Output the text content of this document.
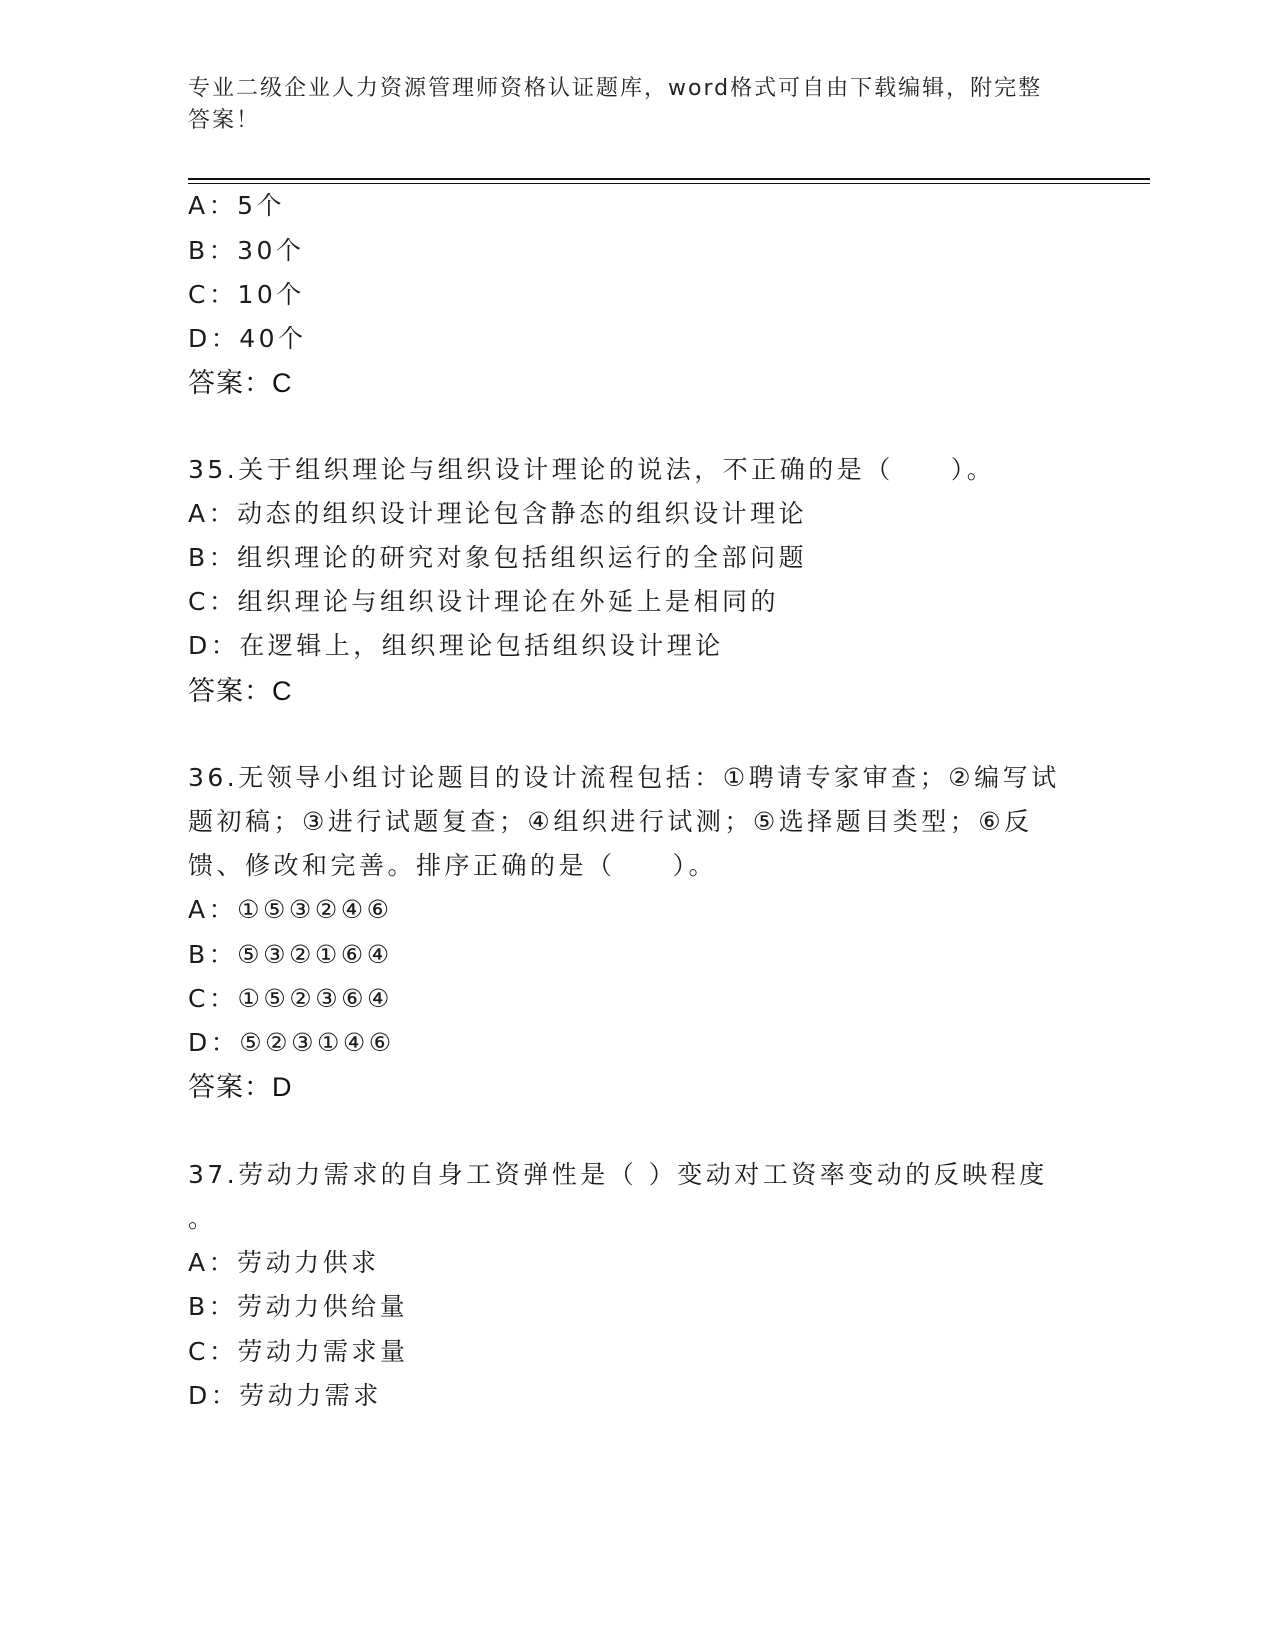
专业二级企业人力资源管理师资格认证题库，word格式可自由下载编辑，附完整
答案！
A：5个
B：30个
C：10个
D：40个
答案：C
35.关于组织理论与组织设计理论的说法，不正确的是（　　）。
A：动态的组织设计理论包含静态的组织设计理论
B：组织理论的研究对象包括组织运行的全部问题
C：组织理论与组织设计理论在外延上是相同的
D：在逻辑上，组织理论包括组织设计理论
答案：C
36.无领导小组讨论题目的设计流程包括：①聘请专家审查；②编写试
题初稿；③进行试题复查；④组织进行试测；⑤选择题目类型；⑥反
馈、修改和完善。排序正确的是（　　）。
A：①⑤③②④⑥
B：⑤③②①⑥④
C：①⑤②③⑥④
D：⑤②③①④⑥
答案：D
37.劳动力需求的自身工资弹性是（ ）变动对工资率变动的反映程度
。
A：劳动力供求
B：劳动力供给量
C：劳动力需求量
D：劳动力需求
